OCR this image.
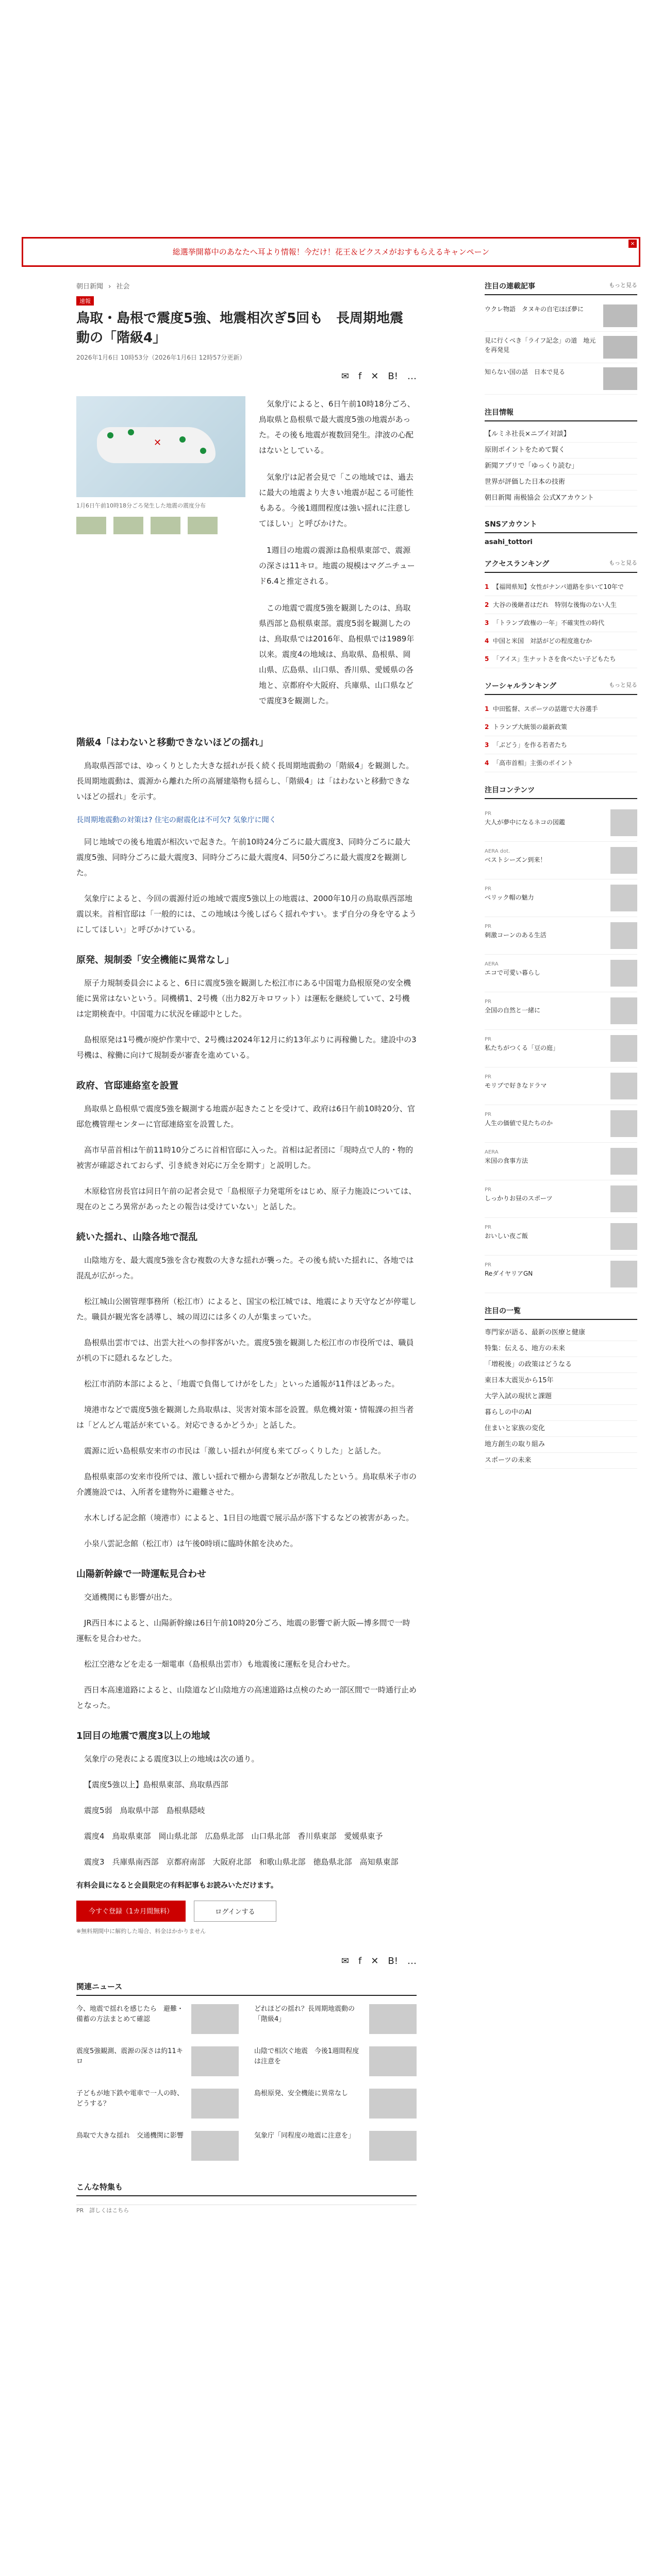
総選挙開幕中のあなたへ耳より情報！今だけ！花王＆ビクスメがおすもらえるキャンペーン
×
朝日新聞 › 社会
速報
鳥取・島根で震度5強、地震相次ぎ5回も　長周期地震動の「階級4」
2026年1月6日 10時53分（2026年1月6日 12時57分更新）
✉ f ✕ B! …
✕
1月6日午前10時18分ごろ発生した地震の震度分布

気象庁によると、6日午前10時18分ごろ、鳥取県と島根県で最大震度5強の地震があった。その後も地震が複数回発生。津波の心配はないとしている。

気象庁は記者会見で「この地域では、過去に最大の地震より大きい地震が起こる可能性もある。今後1週間程度は強い揺れに注意してほしい」と呼びかけた。

1週目の地震の震源は島根県東部で、震源の深さは11キロ。地震の規模はマグニチュード6.4と推定される。

この地震で震度5強を観測したのは、鳥取県西部と島根県東部。震度5弱を観測したのは、鳥取県では2016年、島根県では1989年以来。震度4の地域は、鳥取県、島根県、岡山県、広島県、山口県、香川県、愛媛県の各地と、京都府や大阪府、兵庫県、山口県などで震度3を観測した。

階級4「はわないと移動できないほどの揺れ」

鳥取県西部では、ゆっくりとした大きな揺れが長く続く長周期地震動の「階級4」を観測した。長周期地震動は、震源から離れた所の高層建築物も揺らし、「階級4」は「はわないと移動できないほどの揺れ」を示す。

長周期地震動の対策は? 住宅の耐震化は不可欠? 気象庁に聞く

同じ地域での後も地震が相次いで起きた。午前10時24分ごろに最大震度3、同時分ごろに最大震度5強、同時分ごろに最大震度3、同時分ごろに最大震度4、同50分ごろに最大震度2を観測した。

気象庁によると、今回の震源付近の地域で震度5強以上の地震は、2000年10月の鳥取県西部地震以来。首相官邸は「一般的には、この地域は今後しばらく揺れやすい。まず自分の身を守るようにしてほしい」と呼びかけている。

原発、規制委「安全機能に異常なし」

原子力規制委員会によると、6日に震度5強を観測した松江市にある中国電力島根原発の安全機能に異常はないという。同機構1、2号機（出力82万キロワット）は運転を継続していて、2号機は定期検査中。中国電力に状況を確認中とした。

島根原発は1号機が廃炉作業中で、2号機は2024年12月に約13年ぶりに再稼働した。建設中の3号機は、稼働に向けて規制委が審査を進めている。

政府、官邸連絡室を設置

鳥取県と島根県で震度5強を観測する地震が起きたことを受けて、政府は6日午前10時20分、官邸危機管理センターに官邸連絡室を設置した。

高市早苗首相は午前11時10分ごろに首相官邸に入った。首相は記者団に「現時点で人的・物的被害が確認されておらず、引き続き対応に万全を期す」と説明した。

木原稔官房長官は同日午前の記者会見で「島根原子力発電所をはじめ、原子力施設については、現在のところ異常があったとの報告は受けていない」と話した。

続いた揺れ、山陰各地で混乱

山陰地方を、最大震度5強を含む複数の大きな揺れが襲った。その後も続いた揺れに、各地では混乱が広がった。

松江城山公園管理事務所（松江市）によると、国宝の松江城では、地震により天守などが停電した。職員が観光客を誘導し、城の周辺には多くの人が集まっていた。

島根県出雲市では、出雲大社への参拝客がいた。震度5強を観測した松江市の市役所では、職員が机の下に隠れるなどした。

松江市消防本部によると、「地震で負傷してけがをした」といった通報が11件ほどあった。

境港市などで震度5強を観測した鳥取県は、災害対策本部を設置。県危機対策・情報課の担当者は「どんどん電話が来ている。対応できるかどうか」と話した。

震源に近い島根県安来市の市民は「激しい揺れが何度も来てびっくりした」と話した。

島根県東部の安来市役所では、激しい揺れで棚から書類などが散乱したという。鳥取県米子市の介護施設では、入所者を建物外に避難させた。

水木しげる記念館（境港市）によると、1日目の地震で展示品が落下するなどの被害があった。

小泉八雲記念館（松江市）は午後0時頃に臨時休館を決めた。

山陽新幹線で一時運転見合わせ

交通機関にも影響が出た。

JR西日本によると、山陽新幹線は6日午前10時20分ごろ、地震の影響で新大阪—博多間で一時運転を見合わせた。

松江空港などを走る一畑電車（島根県出雲市）も地震後に運転を見合わせた。

西日本高速道路によると、山陰道など山陰地方の高速道路は点検のため一部区間で一時通行止めとなった。

1回目の地震で震度3以上の地域

気象庁の発表による震度3以上の地域は次の通り。

【震度5強以上】島根県東部、鳥取県西部

震度5弱　鳥取県中部　島根県隠岐

震度4　鳥取県東部　岡山県北部　広島県北部　山口県北部　香川県東部　愛媛県東予

震度3　兵庫県南西部　京都府南部　大阪府北部　和歌山県北部　徳島県北部　高知県東部

有料会員になると会員限定の有料記事もお読みいただけます。

今すぐ登録（1カ月間無料）	ログインする
※無料期間中に解約した場合、料金はかかりません
✉ f ✕ B! …
関連ニュース
今、地震で揺れを感じたら　避難・備蓄の方法まとめて確認
どれほどの揺れ？長周期地震動の「階級4」
震度5強観測、震源の深さは約11キロ
山陰で相次ぐ地震　今後1週間程度は注意を
子どもが地下鉄や電車で一人の時、どうする？
島根原発、安全機能に異常なし
鳥取で大きな揺れ　交通機関に影響	気象庁「同程度の地震に注意を」
こんな特集も
PR　詳しくはこちら
注目の連載記事	もっと見る
ウクレ物語　タヌキの自宅ほぼ夢に
見に行くべき「ライフ記念」の道　地元を再発見
知らない国の話　日本で見る
注目情報
【ルミネ社長×ニブイ対談】
原則ポイントをためて賢く
新聞アプリで「ゆっくり読む」
世界が評価した日本の技術
朝日新聞 南极協会 公式Xアカウント
SNSアカウント
asahi_tottori
アクセスランキング	もっと見る
1 【福岡県知】女性がナンパ道路を歩いて10年で
2 大谷の後継者はだれ　特別な後悔のない人生
3 「トランプ政権の一年」不確実性の時代
4 中国と米国　対話がどの程度進むか
5 「アイス」生ナットさを食べたい子どもたち
ソーシャルランキング	もっと見る
1 中田監督、スポーツの話題で大谷選手
2 トランプ大統領の最新政策
3 「ぶどう」を作る若者たち
4 「高市首相」主張のポイント
注目コンテンツ
PR
大人が夢中になるネコの図鑑
AERA dot.
ベストシーズン到来！
PR
ベリック帽の魅力
PR
刺激コーンのある生活
AERA
エコで可愛い暮らし
PR
全国の自然と一緒に
PR
私たちがつくる「豆の庭」
PR
モリブで好きなドラマ
PR
人生の価値で見たちのか
AERA
米国の食事方法
PR
しっかりお昼のスポーツ
PR
おいしい夜ご飯
PR
ReダイヤリアGN
注目の一覧
専門家が語る、最新の医療と健康
特集：伝える、地方の未来
「増税後」の政策はどうなる
東日本大震災から15年
大学入試の現状と課題
暮らしの中のAI
住まいと家族の変化
地方創生の取り組み
スポーツの未来
